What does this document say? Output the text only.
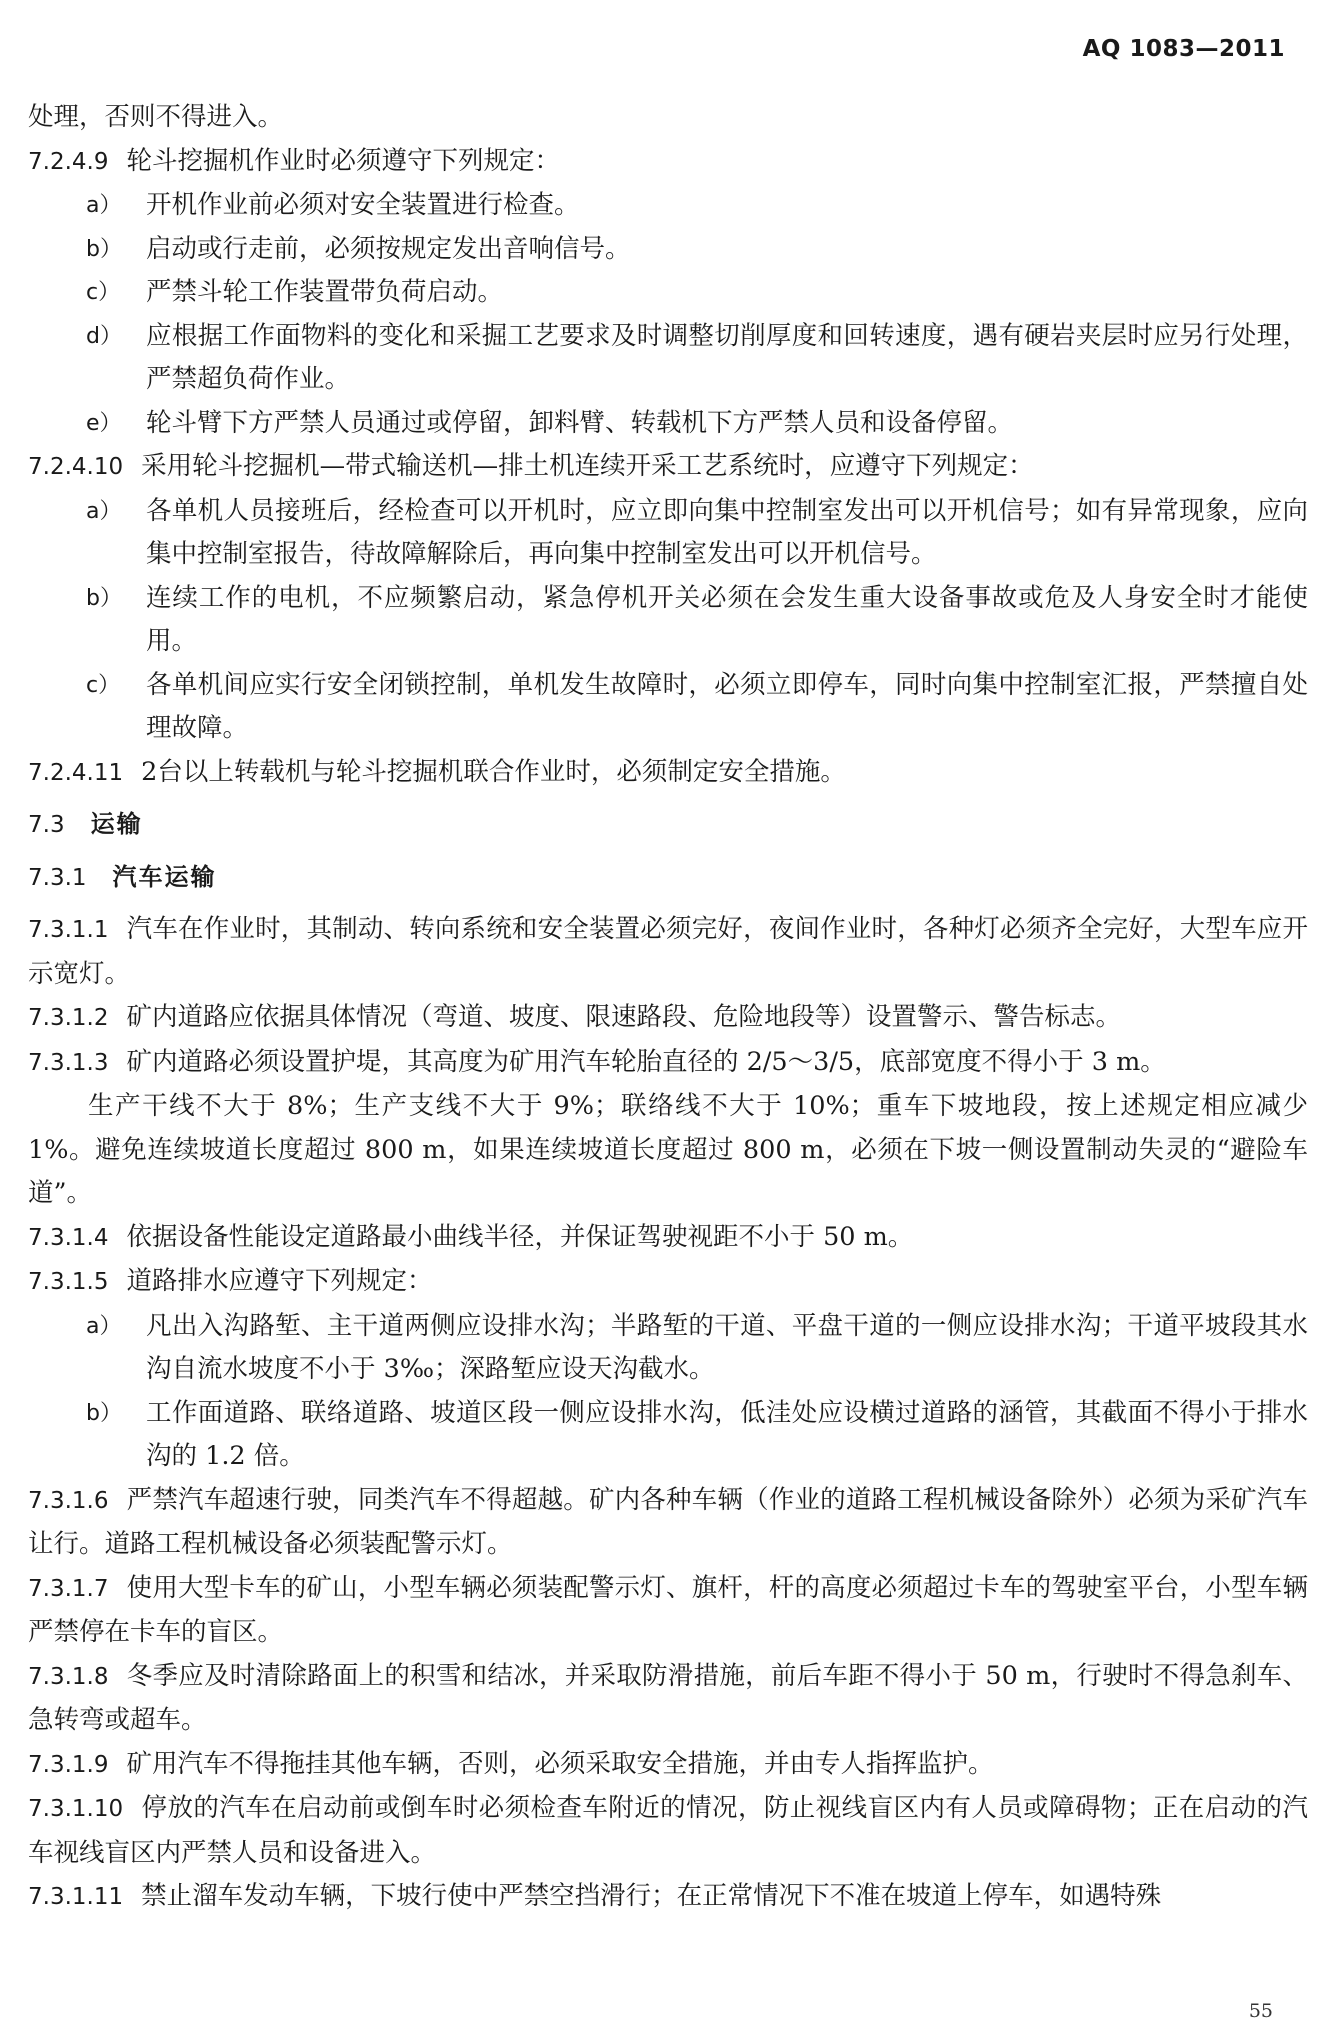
AQ 1083—2011

处理，否则不得进入。

7.2.4.9 轮斗挖掘机作业时必须遵守下列规定：

a） 开机作业前必须对安全装置进行检查。

b） 启动或行走前，必须按规定发出音响信号。

c） 严禁斗轮工作装置带负荷启动。

d） 应根据工作面物料的变化和采掘工艺要求及时调整切削厚度和回转速度，遇有硬岩夹层时应另行处理，严禁超负荷作业。

e） 轮斗臂下方严禁人员通过或停留，卸料臂、转载机下方严禁人员和设备停留。

7.2.4.10 采用轮斗挖掘机—带式输送机—排土机连续开采工艺系统时，应遵守下列规定：

a） 各单机人员接班后，经检查可以开机时，应立即向集中控制室发出可以开机信号；如有异常现象，应向集中控制室报告，待故障解除后，再向集中控制室发出可以开机信号。

b） 连续工作的电机，不应频繁启动，紧急停机开关必须在会发生重大设备事故或危及人身安全时才能使用。

c） 各单机间应实行安全闭锁控制，单机发生故障时，必须立即停车，同时向集中控制室汇报，严禁擅自处理故障。

7.2.4.11 2台以上转载机与轮斗挖掘机联合作业时，必须制定安全措施。

7.3 运输
7.3.1 汽车运输

7.3.1.1 汽车在作业时，其制动、转向系统和安全装置必须完好，夜间作业时，各种灯必须齐全完好，大型车应开示宽灯。

7.3.1.2 矿内道路应依据具体情况（弯道、坡度、限速路段、危险地段等）设置警示、警告标志。

7.3.1.3 矿内道路必须设置护堤，其高度为矿用汽车轮胎直径的 2/5～3/5，底部宽度不得小于 3 m。

生产干线不大于 8%；生产支线不大于 9%；联络线不大于 10%；重车下坡地段，按上述规定相应减少 1%。避免连续坡道长度超过 800 m，如果连续坡道长度超过 800 m，必须在下坡一侧设置制动失灵的“避险车道”。

7.3.1.4 依据设备性能设定道路最小曲线半径，并保证驾驶视距不小于 50 m。

7.3.1.5 道路排水应遵守下列规定：

a） 凡出入沟路堑、主干道两侧应设排水沟；半路堑的干道、平盘干道的一侧应设排水沟；干道平坡段其水沟自流水坡度不小于 3‰；深路堑应设天沟截水。

b） 工作面道路、联络道路、坡道区段一侧应设排水沟，低洼处应设横过道路的涵管，其截面不得小于排水沟的 1.2 倍。

7.3.1.6 严禁汽车超速行驶，同类汽车不得超越。矿内各种车辆（作业的道路工程机械设备除外）必须为采矿汽车让行。道路工程机械设备必须装配警示灯。

7.3.1.7 使用大型卡车的矿山，小型车辆必须装配警示灯、旗杆，杆的高度必须超过卡车的驾驶室平台，小型车辆严禁停在卡车的盲区。

7.3.1.8 冬季应及时清除路面上的积雪和结冰，并采取防滑措施，前后车距不得小于 50 m，行驶时不得急刹车、急转弯或超车。

7.3.1.9 矿用汽车不得拖挂其他车辆，否则，必须采取安全措施，并由专人指挥监护。

7.3.1.10 停放的汽车在启动前或倒车时必须检查车附近的情况，防止视线盲区内有人员或障碍物；正在启动的汽车视线盲区内严禁人员和设备进入。

7.3.1.11 禁止溜车发动车辆，下坡行使中严禁空挡滑行；在正常情况下不准在坡道上停车，如遇特殊

55
